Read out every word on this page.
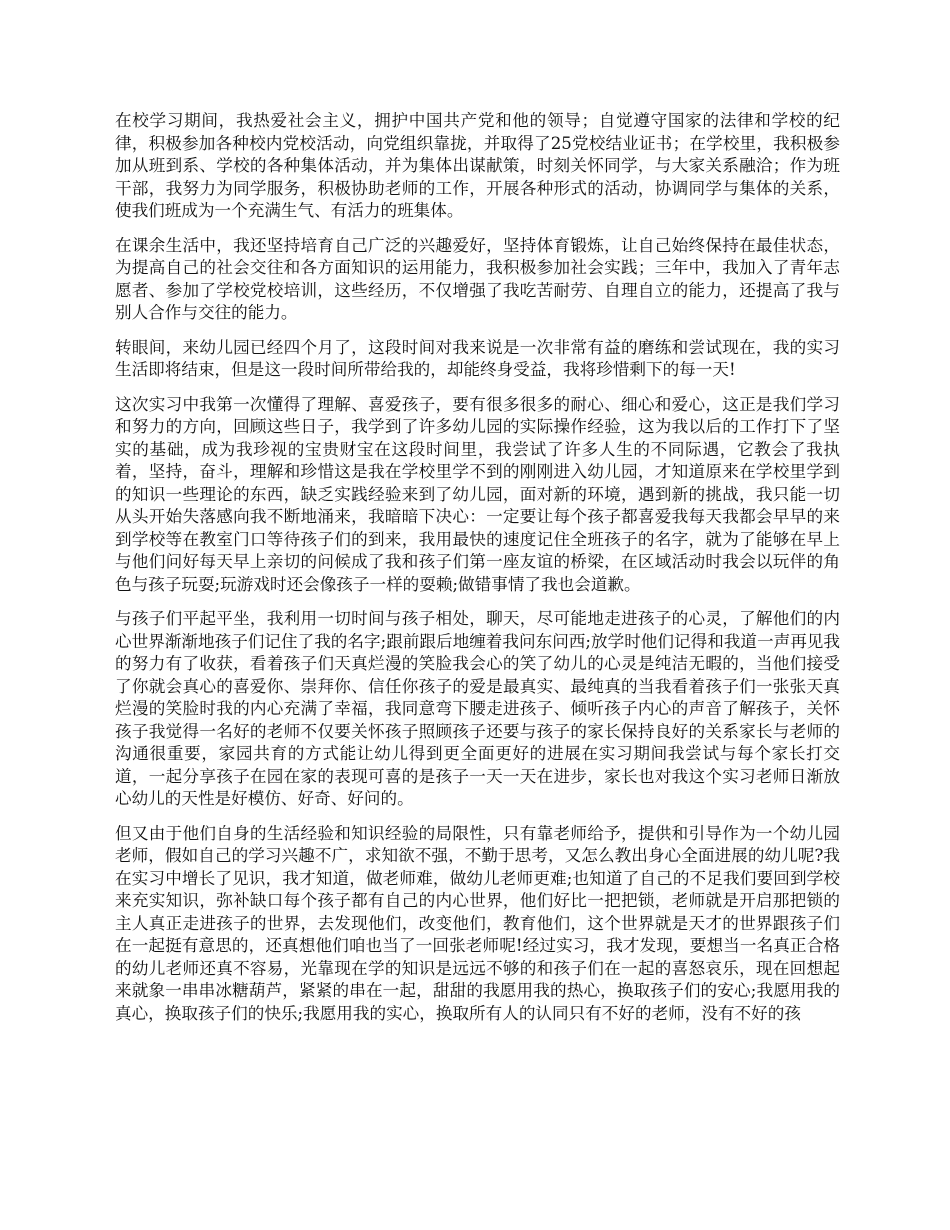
在校学习期间，我热爱社会主义，拥护中国共产党和他的领导；自觉遵守国家的法律和学校的纪律，积极参加各种校内党校活动，向党组织靠拢，并取得了25党校结业证书；在学校里，我积极参加从班到系、学校的各种集体活动，并为集体出谋献策，时刻关怀同学，与大家关系融洽；作为班干部，我努力为同学服务，积极协助老师的工作，开展各种形式的活动，协调同学与集体的关系，使我们班成为一个充满生气、有活力的班集体。

在课余生活中，我还坚持培育自己广泛的兴趣爱好，坚持体育锻炼，让自己始终保持在最佳状态，为提高自己的社会交往和各方面知识的运用能力，我积极参加社会实践；三年中，我加入了青年志愿者、参加了学校党校培训，这些经历，不仅增强了我吃苦耐劳、自理自立的能力，还提高了我与别人合作与交往的能力。

转眼间，来幼儿园已经四个月了，这段时间对我来说是一次非常有益的磨练和尝试现在，我的实习生活即将结束，但是这一段时间所带给我的，却能终身受益，我将珍惜剩下的每一天!

这次实习中我第一次懂得了理解、喜爱孩子，要有很多很多的耐心、细心和爱心，这正是我们学习和努力的方向，回顾这些日子，我学到了许多幼儿园的实际操作经验，这为我以后的工作打下了坚实的基础，成为我珍视的宝贵财宝在这段时间里，我尝试了许多人生的不同际遇，它教会了我执着，坚持，奋斗，理解和珍惜这是我在学校里学不到的刚刚进入幼儿园，才知道原来在学校里学到的知识一些理论的东西，缺乏实践经验来到了幼儿园，面对新的环境，遇到新的挑战，我只能一切从头开始失落感向我不断地涌来，我暗暗下决心：一定要让每个孩子都喜爱我每天我都会早早的来到学校等在教室门口等待孩子们的到来，我用最快的速度记住全班孩子的名字，就为了能够在早上与他们问好每天早上亲切的问候成了我和孩子们第一座友谊的桥梁，在区域活动时我会以玩伴的角色与孩子玩耍;玩游戏时还会像孩子一样的耍赖;做错事情了我也会道歉。

与孩子们平起平坐，我利用一切时间与孩子相处，聊天，尽可能地走进孩子的心灵，了解他们的内心世界渐渐地孩子们记住了我的名字;跟前跟后地缠着我问东问西;放学时他们记得和我道一声再见我的努力有了收获，看着孩子们天真烂漫的笑脸我会心的笑了幼儿的心灵是纯洁无暇的，当他们接受了你就会真心的喜爱你、崇拜你、信任你孩子的爱是最真实、最纯真的当我看着孩子们一张张天真烂漫的笑脸时我的内心充满了幸福，我同意弯下腰走进孩子、倾听孩子内心的声音了解孩子，关怀孩子我觉得一名好的老师不仅要关怀孩子照顾孩子还要与孩子的家长保持良好的关系家长与老师的沟通很重要，家园共育的方式能让幼儿得到更全面更好的进展在实习期间我尝试与每个家长打交道，一起分享孩子在园在家的表现可喜的是孩子一天一天在进步，家长也对我这个实习老师日渐放心幼儿的天性是好模仿、好奇、好问的。

但又由于他们自身的生活经验和知识经验的局限性，只有靠老师给予，提供和引导作为一个幼儿园老师，假如自己的学习兴趣不广，求知欲不强，不勤于思考，又怎么教出身心全面进展的幼儿呢?我在实习中增长了见识，我才知道，做老师难，做幼儿老师更难;也知道了自己的不足我们要回到学校来充实知识，弥补缺口每个孩子都有自己的内心世界，他们好比一把把锁，老师就是开启那把锁的主人真正走进孩子的世界，去发现他们，改变他们，教育他们，这个世界就是天才的世界跟孩子们在一起挺有意思的，还真想他们咱也当了一回张老师呢!经过实习，我才发现，要想当一名真正合格的幼儿老师还真不容易，光靠现在学的知识是远远不够的和孩子们在一起的喜怒哀乐，现在回想起来就象一串串冰糖葫芦，紧紧的串在一起，甜甜的我愿用我的热心，换取孩子们的安心;我愿用我的真心，换取孩子们的快乐;我愿用我的实心，换取所有人的认同只有不好的老师，没有不好的孩
